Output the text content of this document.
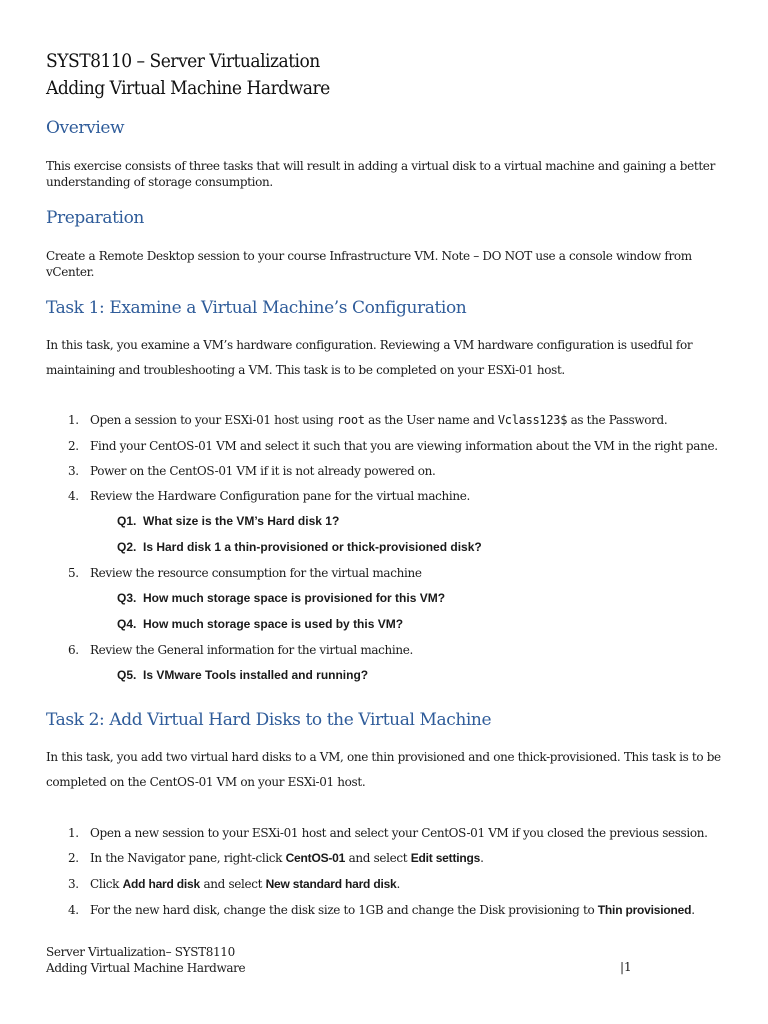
SYST8110 – Server Virtualization
Adding Virtual Machine Hardware
Overview
This exercise consists of three tasks that will result in adding a virtual disk to a virtual machine and gaining a better understanding of storage consumption.
Preparation
Create a Remote Desktop session to your course Infrastructure VM. Note – DO NOT use a console window from vCenter.
Task 1: Examine a Virtual Machine’s Configuration
In this task, you examine a VM’s hardware configuration. Reviewing a VM hardware configuration is usedful for maintaining and troubleshooting a VM. This task is to be completed on your ESXi-01 host.
1. Open a session to your ESXi-01 host using root as the User name and Vclass123$ as the Password.
2. Find your CentOS-01 VM and select it such that you are viewing information about the VM in the right pane.
3. Power on the CentOS-01 VM if it is not already powered on.
4. Review the Hardware Configuration pane for the virtual machine.
Q1. What size is the VM’s Hard disk 1?
Q2. Is Hard disk 1 a thin-provisioned or thick-provisioned disk?
5. Review the resource consumption for the virtual machine
Q3. How much storage space is provisioned for this VM?
Q4. How much storage space is used by this VM?
6. Review the General information for the virtual machine.
Q5. Is VMware Tools installed and running?
Task 2: Add Virtual Hard Disks to the Virtual Machine
In this task, you add two virtual hard disks to a VM, one thin provisioned and one thick-provisioned. This task is to be completed on the CentOS-01 VM on your ESXi-01 host.
1. Open a new session to your ESXi-01 host and select your CentOS-01 VM if you closed the previous session.
2. In the Navigator pane, right-click CentOS-01 and select Edit settings.
3. Click Add hard disk and select New standard hard disk.
4. For the new hard disk, change the disk size to 1GB and change the Disk provisioning to Thin provisioned.
Server Virtualization– SYST8110
Adding Virtual Machine Hardware	|1
